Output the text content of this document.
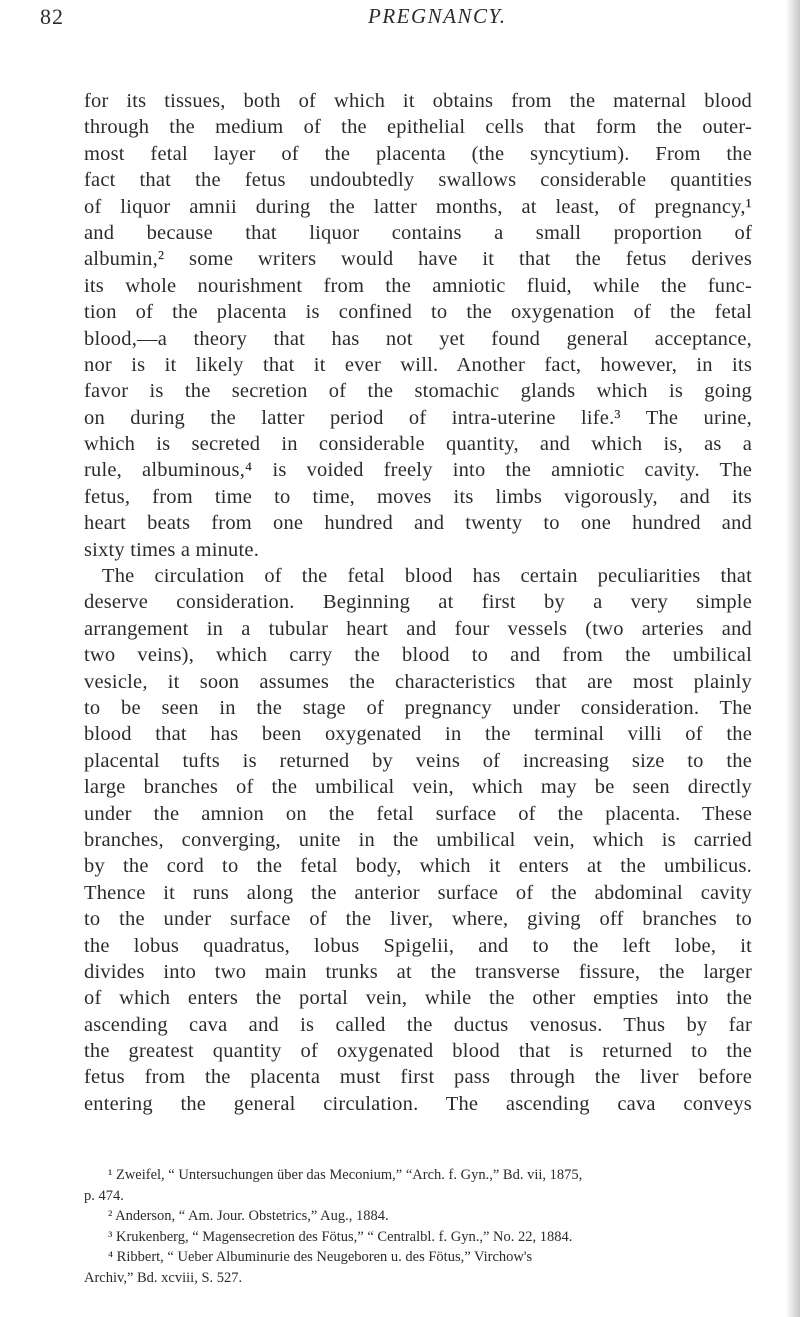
82	PREGNANCY.
for its tissues, both of which it obtains from the maternal blood
through the medium of the epithelial cells that form the outer-
most fetal layer of the placenta (the syncytium). From the
fact that the fetus undoubtedly swallows considerable quantities
of liquor amnii during the latter months, at least, of pregnancy,¹
and because that liquor contains a small proportion of
albumin,² some writers would have it that the fetus derives
its whole nourishment from the amniotic fluid, while the func-
tion of the placenta is confined to the oxygenation of the fetal
blood,—a theory that has not yet found general acceptance,
nor is it likely that it ever will. Another fact, however, in its
favor is the secretion of the stomachic glands which is going
on during the latter period of intra-uterine life.³ The urine,
which is secreted in considerable quantity, and which is, as a
rule, albuminous,⁴ is voided freely into the amniotic cavity. The
fetus, from time to time, moves its limbs vigorously, and its
heart beats from one hundred and twenty to one hundred and
sixty times a minute.
The circulation of the fetal blood has certain peculiarities that
deserve consideration. Beginning at first by a very simple
arrangement in a tubular heart and four vessels (two arteries and
two veins), which carry the blood to and from the umbilical
vesicle, it soon assumes the characteristics that are most plainly
to be seen in the stage of pregnancy under consideration. The
blood that has been oxygenated in the terminal villi of the
placental tufts is returned by veins of increasing size to the
large branches of the umbilical vein, which may be seen directly
under the amnion on the fetal surface of the placenta. These
branches, converging, unite in the umbilical vein, which is carried
by the cord to the fetal body, which it enters at the umbilicus.
Thence it runs along the anterior surface of the abdominal cavity
to the under surface of the liver, where, giving off branches to
the lobus quadratus, lobus Spigelii, and to the left lobe, it
divides into two main trunks at the transverse fissure, the larger
of which enters the portal vein, while the other empties into the
ascending cava and is called the ductus venosus. Thus by far
the greatest quantity of oxygenated blood that is returned to the
fetus from the placenta must first pass through the liver before
entering the general circulation. The ascending cava conveys
¹ Zweifel, “ Untersuchungen über das Meconium,” “Arch. f. Gyn.,” Bd. vii, 1875,
p. 474.
² Anderson, “ Am. Jour. Obstetrics,” Aug., 1884.
³ Krukenberg, “ Magensecretion des Fötus,” “ Centralbl. f. Gyn.,” No. 22, 1884.
⁴ Ribbert, “ Ueber Albuminurie des Neugeboren u. des Fötus,” Virchow's
Archiv,” Bd. xcviii, S. 527.
